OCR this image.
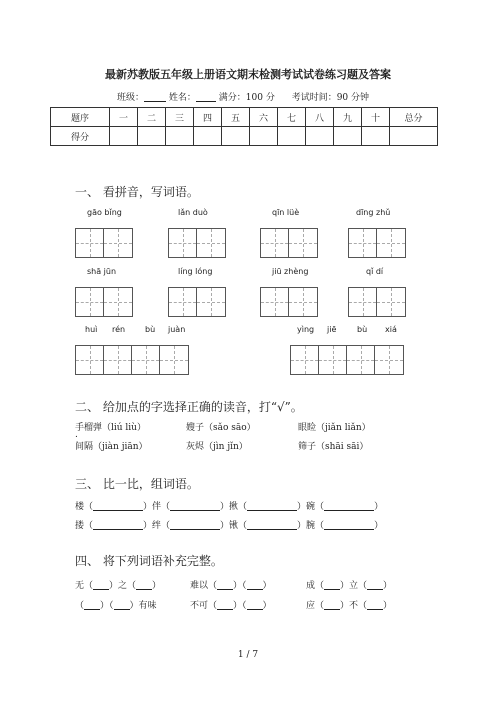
最新苏教版五年级上册语文期末检测考试试卷练习题及答案
班级：	姓名：	满分：100 分 考试时间：90 分钟
题序	一	二	三	四	五	六	七	八	九	十	总分
得分											
一、 看拼音，写词语。
gāo bǐng	lǎn duò	qīn lüè	dīng zhǔ
shā jūn	líng lóng	jiū zhèng	qǐ dí
huì rén bù juàn	yìng jiē	bù xiá
二、 给加点的字选择正确的读音，打“√”。
手榴弹（liú liù）	嫂子（sǎo sāo）	眼睑（jiǎn liǎn）
间隔（jiàn jiān）	灰烬（jìn jǐn）	筛子（shāi sāi）
三、 比一比，组词语。
楼（	）伴（	）揪（	）碗（	）
搂（	）绊（	）锹（	）腕（	）
四、 将下列词语补充完整。
无（ ）之（ ）	难以（ ）（ ）	成（ ）立（ ）
（ ）（ ）有味	不可（ ）（ ）	应（ ）不（ ）
1 / 7
